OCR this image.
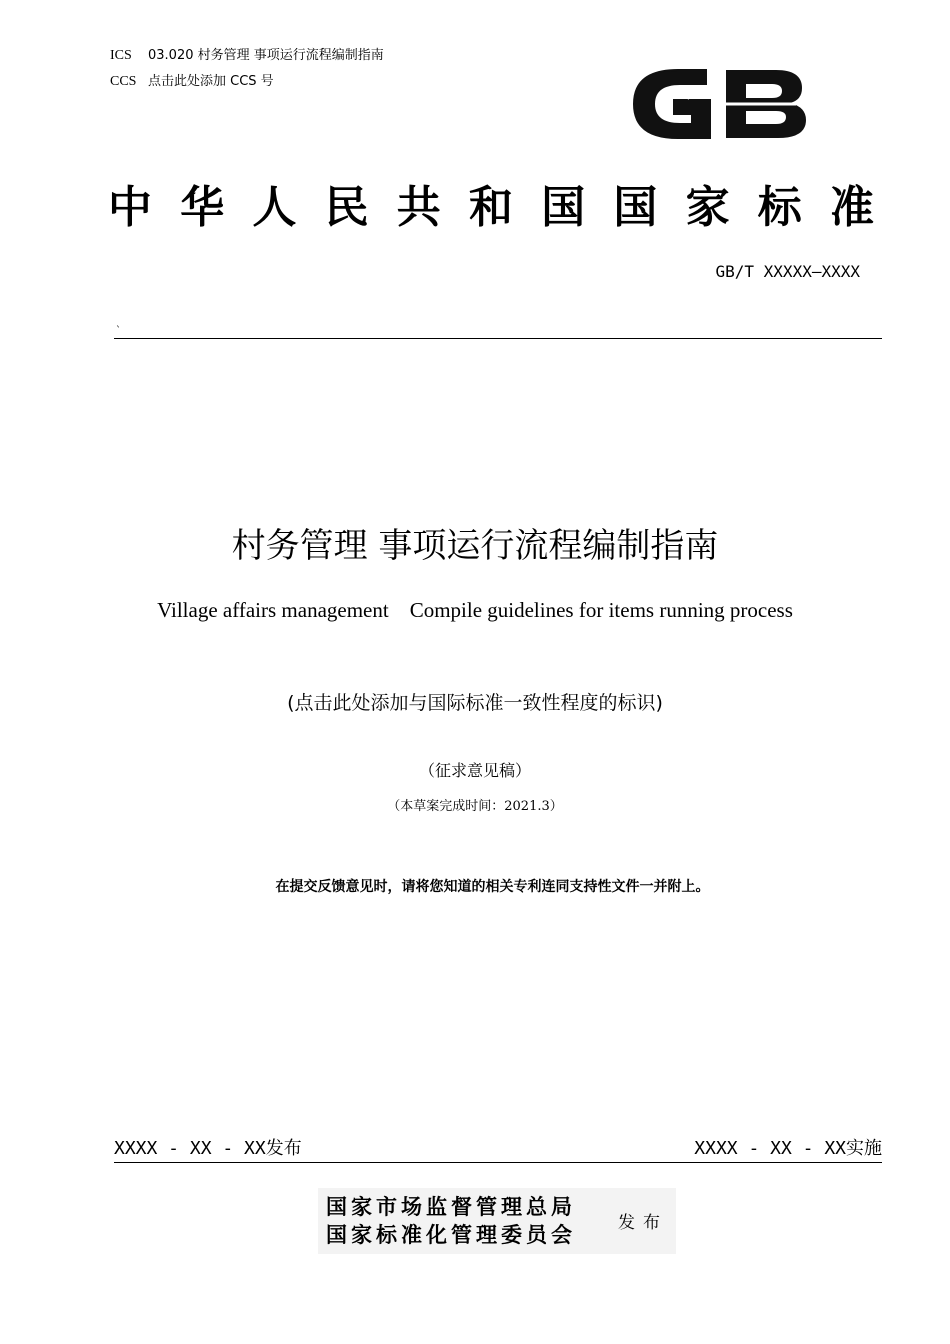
ICS 03.020 村务管理 事项运行流程编制指南
CCS 点击此处添加 CCS 号
中华人民共和国国家标准
GB/T XXXXX—XXXX
`
村务管理 事项运行流程编制指南
Village affairs management    Compile guidelines for items running process
(点击此处添加与国际标准一致性程度的标识)
（征求意见稿）
（本草案完成时间：2021.3）
在提交反馈意见时，请将您知道的相关专利连同支持性文件一并附上。
XXXX - XX - XX发布	XXXX - XX - XX实施
国家市场监督管理总局
国家标准化管理委员会 发布
